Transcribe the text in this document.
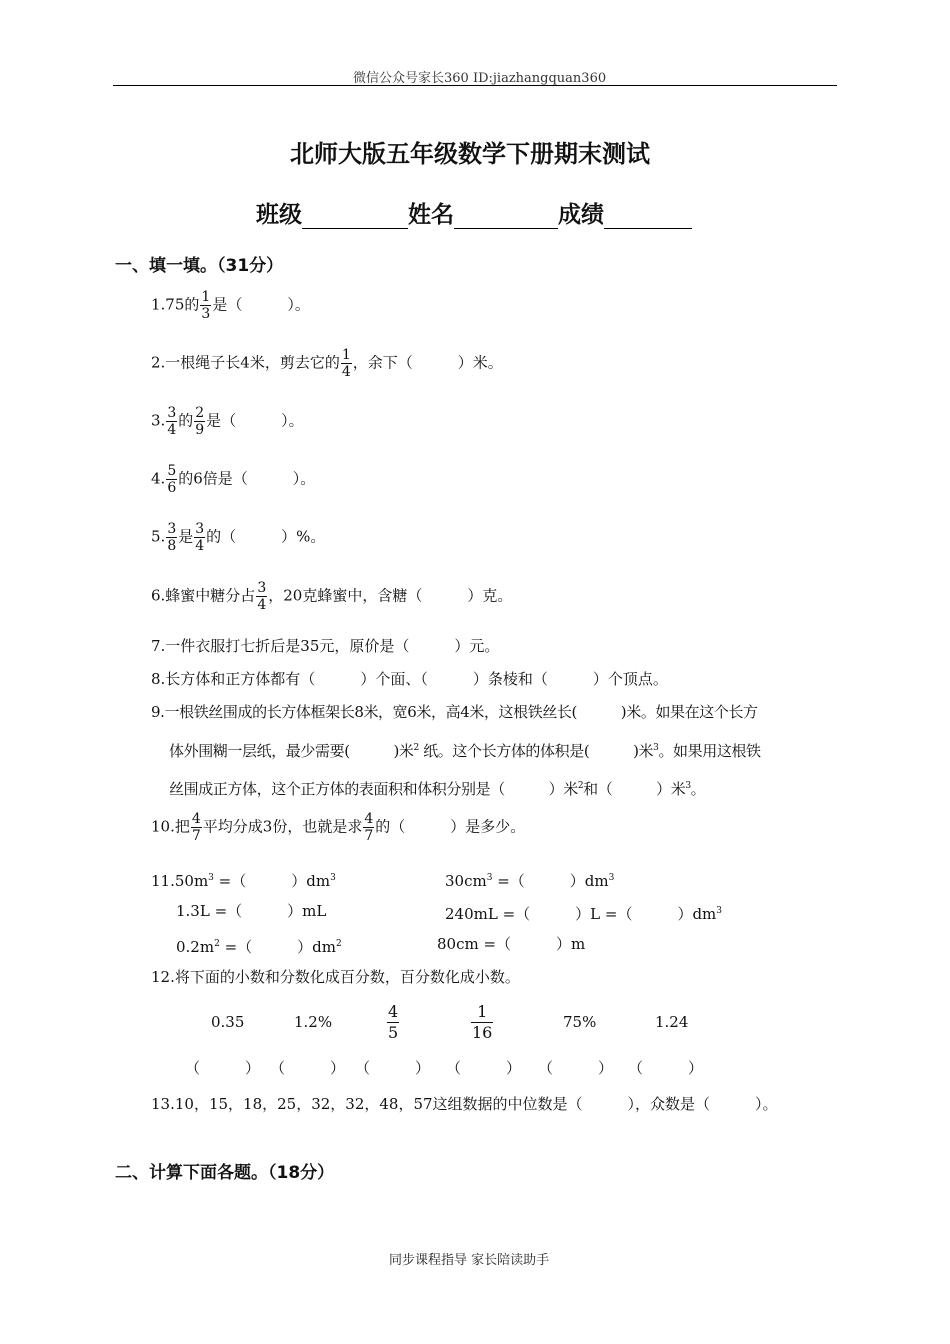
微信公众号家长360 ID:jiazhangquan360
北师大版五年级数学下册期末测试
班级	姓名	成绩
一、填一填。（31分）
1.75的 $\frac{1}{3}$ 是（　　　）。
2.一根绳子长4米，剪去它的 $\frac{1}{4}$ ，余下（　　　）米。
3. $\frac{3}{4}$ 的 $\frac{2}{9}$ 是（　　　）。
4. $\frac{5}{6}$ 的6倍是（　　　）。
5. $\frac{3}{8}$ 是 $\frac{3}{4}$ 的（　　　）%。
6.蜂蜜中糖分占 $\frac{3}{4}$ ，20克蜂蜜中，含糖（　　　）克。
7.一件衣服打七折后是35元，原价是（　　　）元。
8.长方体和正方体都有（　　　）个面、（　　　）条棱和（　　　）个顶点。
9.一根铁丝围成的长方体框架长8米，宽6米，高4米，这根铁丝长(　　　)米。如果在这个长方
体外围糊一层纸，最少需要(　　　)米$^2$ 纸。这个长方体的体积是(　　　)米$^3$。如果用这根铁
丝围成正方体，这个正方体的表面积和体积分别是（　　　）米$^2$和（　　　）米$^3$。
10.把 $\frac{4}{7}$ 平均分成3份，也就是求 $\frac{4}{7}$ 的（　　　）是多少。
$11.50m^3$ =（　　　）$dm^3$	$30cm^3$ =（　　　）$dm^3$
1.3L =（　　　）mL	240mL =（　　　）L =（　　　）$dm^3$
$0.2m^2$ =（　　　）$dm^2$	80cm =（　　　）m
12.将下面的小数和分数化成百分数，百分数化成小数。
0.35	1.2%	$\frac{4}{5}$	$\frac{1}{16}$	75%	1.24
（　　　） （　　　） （　　　） （　　　） （　　　） （　　　）
13.10，15，18，25，32，32，48，57这组数据的中位数是（　　　），众数是（　　　）。
二、计算下面各题。（18分）
同步课程指导 家长陪读助手
